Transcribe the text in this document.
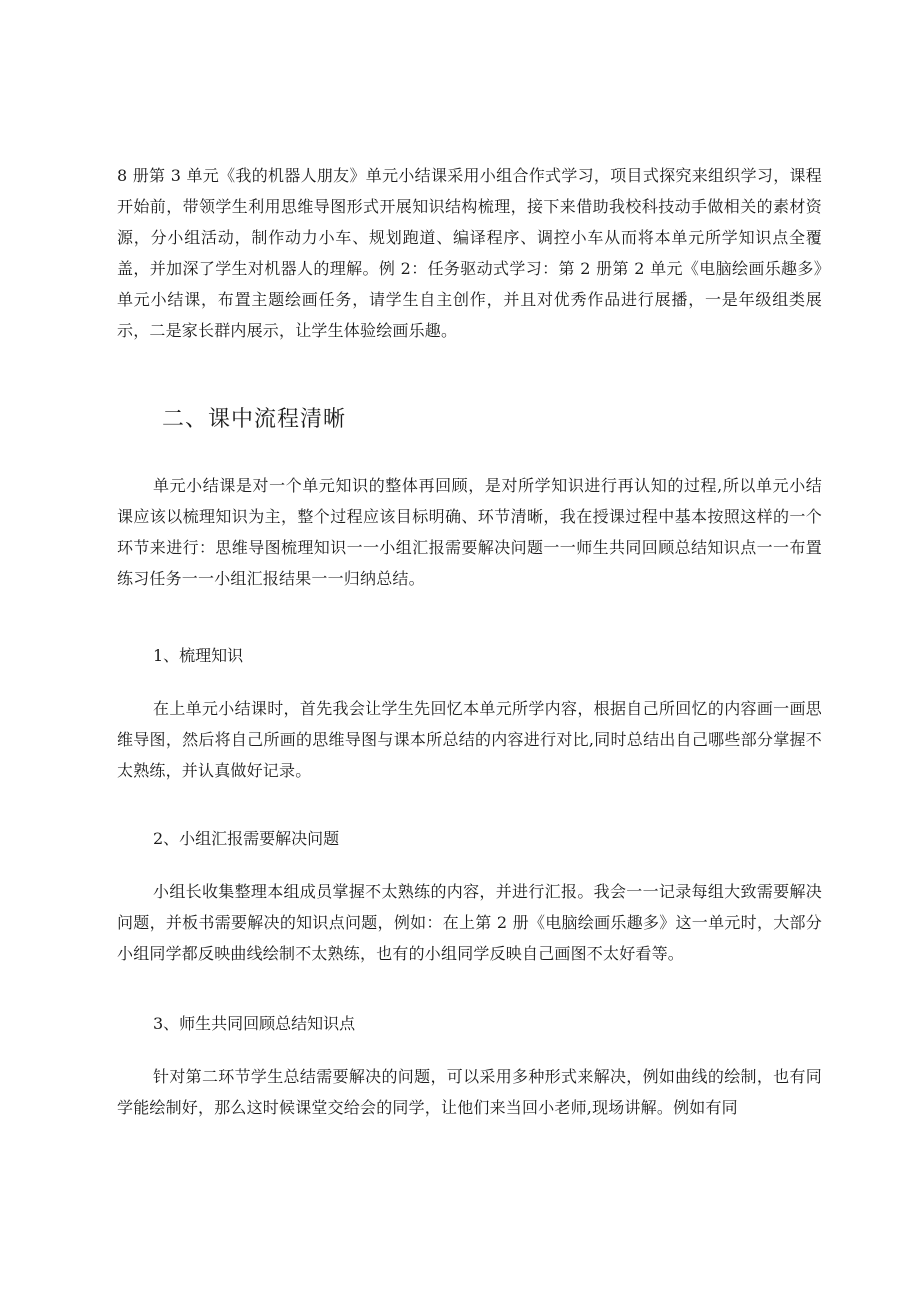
8 册第 3 单元《我的机器人朋友》单元小结课采用小组合作式学习，项目式探究来组织学习，课程开始前，带领学生利用思维导图形式开展知识结构梳理，接下来借助我校科技动手做相关的素材资源，分小组活动，制作动力小车、规划跑道、编译程序、调控小车从而将本单元所学知识点全覆盖，并加深了学生对机器人的理解。例 2：任务驱动式学习：第 2 册第 2 单元《电脑绘画乐趣多》单元小结课，布置主题绘画任务，请学生自主创作，并且对优秀作品进行展播，一是年级组类展示，二是家长群内展示，让学生体验绘画乐趣。

二、课中流程清晰

单元小结课是对一个单元知识的整体再回顾，是对所学知识进行再认知的过程,所以单元小结课应该以梳理知识为主，整个过程应该目标明确、环节清晰，我在授课过程中基本按照这样的一个环节来进行：思维导图梳理知识一一小组汇报需要解决问题一一师生共同回顾总结知识点一一布置练习任务一一小组汇报结果一一归纳总结。

1、梳理知识

在上单元小结课时，首先我会让学生先回忆本单元所学内容，根据自己所回忆的内容画一画思维导图，然后将自己所画的思维导图与课本所总结的内容进行对比,同时总结出自己哪些部分掌握不太熟练，并认真做好记录。

2、小组汇报需要解决问题

小组长收集整理本组成员掌握不太熟练的内容，并进行汇报。我会一一记录每组大致需要解决问题，并板书需要解决的知识点问题，例如：在上第 2 册《电脑绘画乐趣多》这一单元时，大部分小组同学都反映曲线绘制不太熟练，也有的小组同学反映自己画图不太好看等。

3、师生共同回顾总结知识点

针对第二环节学生总结需要解决的问题，可以采用多种形式来解决，例如曲线的绘制，也有同学能绘制好，那么这时候课堂交给会的同学，让他们来当回小老师,现场讲解。例如有同
